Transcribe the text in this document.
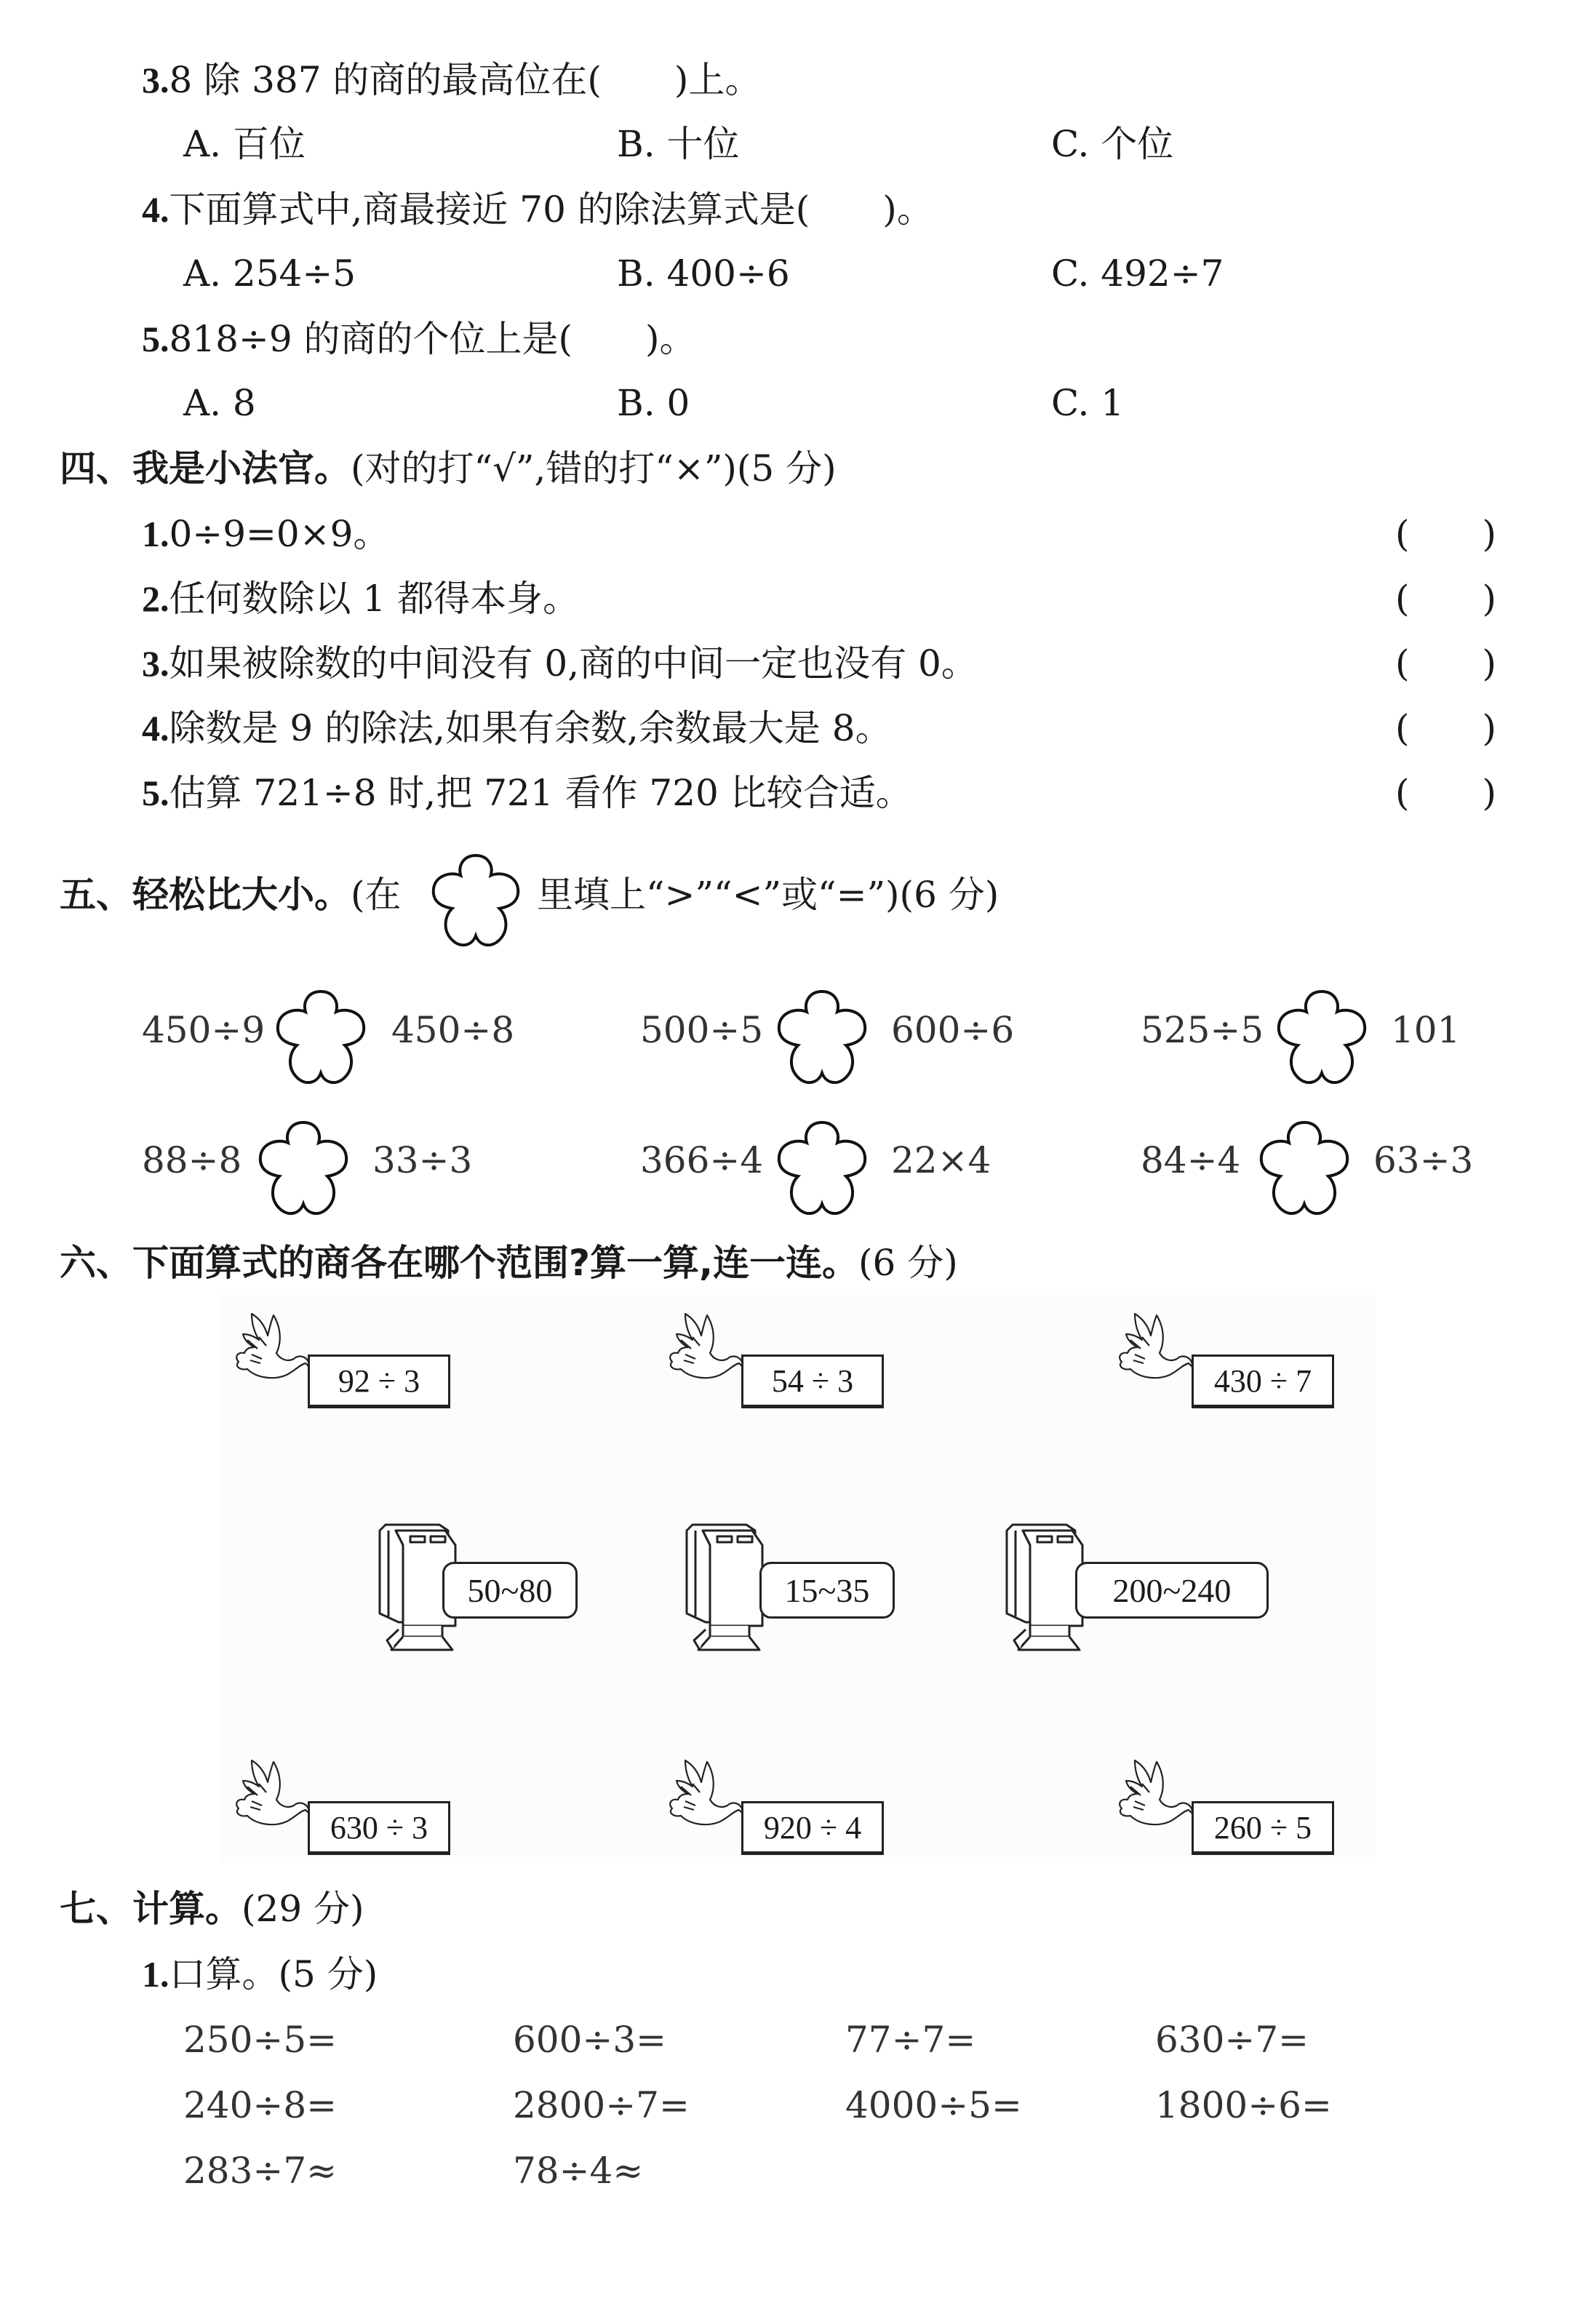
3.8 除 387 的商的最高位在(　　)上。
A. 百位	B. 十位	C. 个位
4.下面算式中,商最接近 70 的除法算式是(　　)。
A. 254÷5	B. 400÷6	C. 492÷7
5.818÷9 的商的个位上是(　　)。
A. 8	B. 0	C. 1
四、我是小法官。(对的打“√”,错的打“×”)(5 分)
1.0÷9=0×9。	(　　)
2.任何数除以 1 都得本身。	(　　)
3.如果被除数的中间没有 0,商的中间一定也没有 0。	(　　)
4.除数是 9 的除法,如果有余数,余数最大是 8。	(　　)
5.估算 721÷8 时,把 721 看作 720 比较合适。	(　　)
五、轻松比大小。(在	里填上“>”“<”或“=”)(6 分)
450÷9	450÷8	500÷5	600÷6	525÷5	101
88÷8	33÷3	366÷4	22×4	84÷4	63÷3
六、下面算式的商各在哪个范围?算一算,连一连。(6 分)
92 ÷ 3	54 ÷ 3	430 ÷ 7
50~80	15~35	200~240
630 ÷ 3	920 ÷ 4	260 ÷ 5
七、计算。(29 分)
1.口算。(5 分)
250÷5=	600÷3=	77÷7=	630÷7=
240÷8=	2800÷7=	4000÷5=	1800÷6=
283÷7≈	78÷4≈
